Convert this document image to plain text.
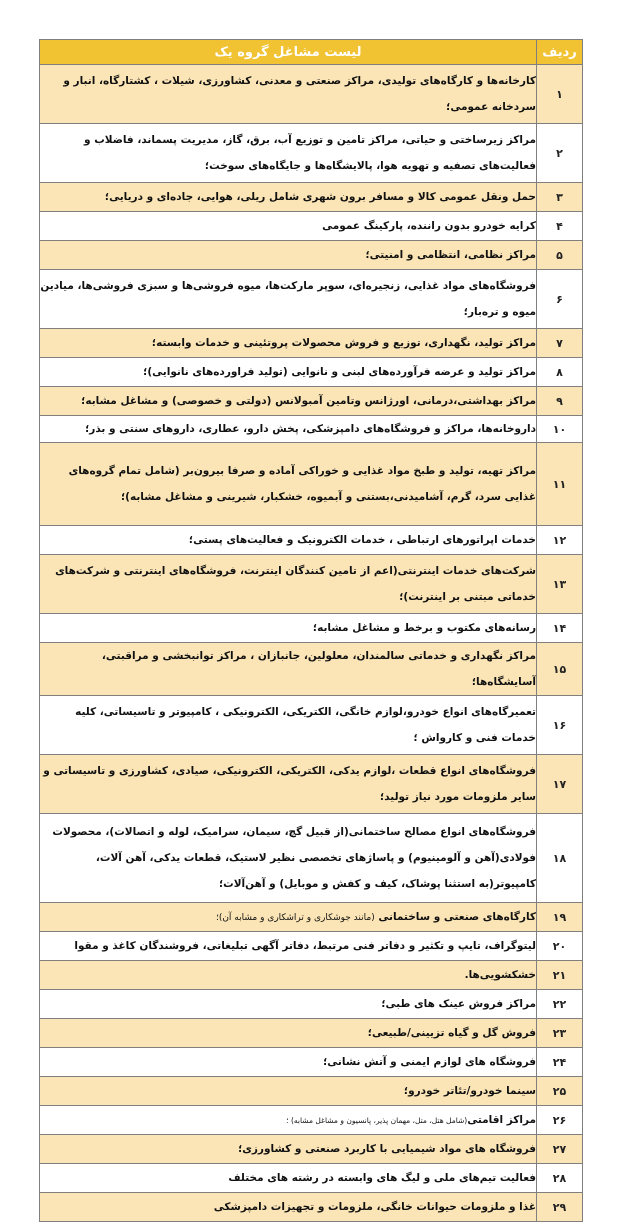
ردیف	لیست مشاغل گروه یک
۱	کارخانه‌ها و کارگاه‌های تولیدی، مراکز صنعتی و معدنی، کشاورزی، شیلات ، کشتارگاه، انبار و سردخانه عمومی؛
۲	مراکز زیرساختی و حیاتی، مراکز تامین و توزیع آب، برق، گاز، مدیریت پسماند، فاضلاب و فعالیت‌های تصفیه و تهویه هوا، پالایشگاه‌ها و جایگاه‌های سوخت؛
۳	حمل ونقل عمومی کالا و مسافر برون شهری شامل ریلی، هوایی، جاده‌ای و دریایی؛
۴	کرایه خودرو بدون راننده، پارکینگ عمومی
۵	مراکز نظامی، انتظامی و امنیتی؛
۶	فروشگاه‌های مواد غذایی، زنجیره‌ای، سوپر مارکت‌ها، میوه فروشی‌ها و سبزی فروشی‌ها، میادین میوه و تره‌بار؛
۷	مراکز تولید، نگهداری، توزیع و فروش محصولات پروتئینی و خدمات وابسته؛
۸	مراکز تولید و عرضه فرآورده‌های لبنی و نانوایی (تولید فراورده‌های نانوایی)؛
۹	مراکز بهداشتی،درمانی، اورژانس وتامین آمبولانس (دولتی و خصوصی) و مشاغل مشابه؛
۱۰	داروخانه‌ها، مراکز و فروشگاه‌های دامپزشکی، پخش دارو، عطاری، داروهای سنتی و بذر؛
۱۱	مراکز تهیه، تولید و طبخ مواد غذایی و خوراکی آماده و صرفا بیرون‌بر (شامل تمام گروه‌های غذایی سرد، گرم، آشامیدنی،بستنی و آبمیوه، خشکبار، شیرینی و مشاغل مشابه)؛
۱۲	خدمات اپراتورهای ارتباطی ، خدمات الکترونیک و فعالیت‌های پستی؛
۱۳	شرکت‌های خدمات اینترنتی(اعم از تامین کنندگان اینترنت، فروشگاه‌های اینترنتی و شرکت‌های خدماتی مبتنی بر اینترنت)؛
۱۴	رسانه‌های مکتوب و برخط و مشاغل مشابه؛
۱۵	مراکز نگهداری و خدماتی سالمندان، معلولین، جانبازان ، مراکز توانبخشی و مراقبتی، آسایشگاه‌ها؛
۱۶	تعمیرگاه‌های انواع خودرو،لوازم خانگی، الکتریکی، الکترونیکی ، کامپیوتر و تاسیساتی، کلیه خدمات فنی و کارواش ؛
۱۷	فروشگاه‌های انواع قطعات ،لوازم یدکی، الکتریکی، الکترونیکی، صیادی، کشاورزی و تاسیساتی و سایر ملزومات مورد نیاز تولید؛
۱۸	فروشگاه‌های انواع مصالح ساختمانی(از قبیل گچ، سیمان، سرامیک، لوله و اتصالات)، محصولات فولادی(آهن و آلومینیوم) و پاساژهای تخصصی نظیر لاستیک، قطعات یدکی، آهن آلات، کامپیوتر(به استثنا پوشاک، کیف و کفش و موبایل) و آهن‌آلات؛
۱۹	کارگاه‌های صنعتی و ساختمانی (مانند جوشکاری و تراشکاری و مشابه آن)؛
۲۰	لیتوگراف، تایپ و تکثیر و دفاتر فنی مرتبط، دفاتر آگهی تبلیغاتی، فروشندگان کاغذ و مقوا
۲۱	خشکشویی‌ها.
۲۲	مراکز فروش عینک های طبی؛
۲۳	فروش گل و گیاه تزیینی/طبیعی؛
۲۴	فروشگاه های لوازم ایمنی و آتش نشانی؛
۲۵	سینما خودرو/تئاتر خودرو؛
۲۶	مراکز اقامتی(شامل هتل، متل، مهمان پذیر، پانسیون و مشاغل مشابه) ؛
۲۷	فروشگاه های مواد شیمیایی با کاربرد صنعتی و کشاورزی؛
۲۸	فعالیت تیم‌های ملی و لیگ های وابسته در رشته های مختلف
۲۹	غذا و ملزومات حیوانات خانگی، ملزومات و تجهیزات دامپزشکی
